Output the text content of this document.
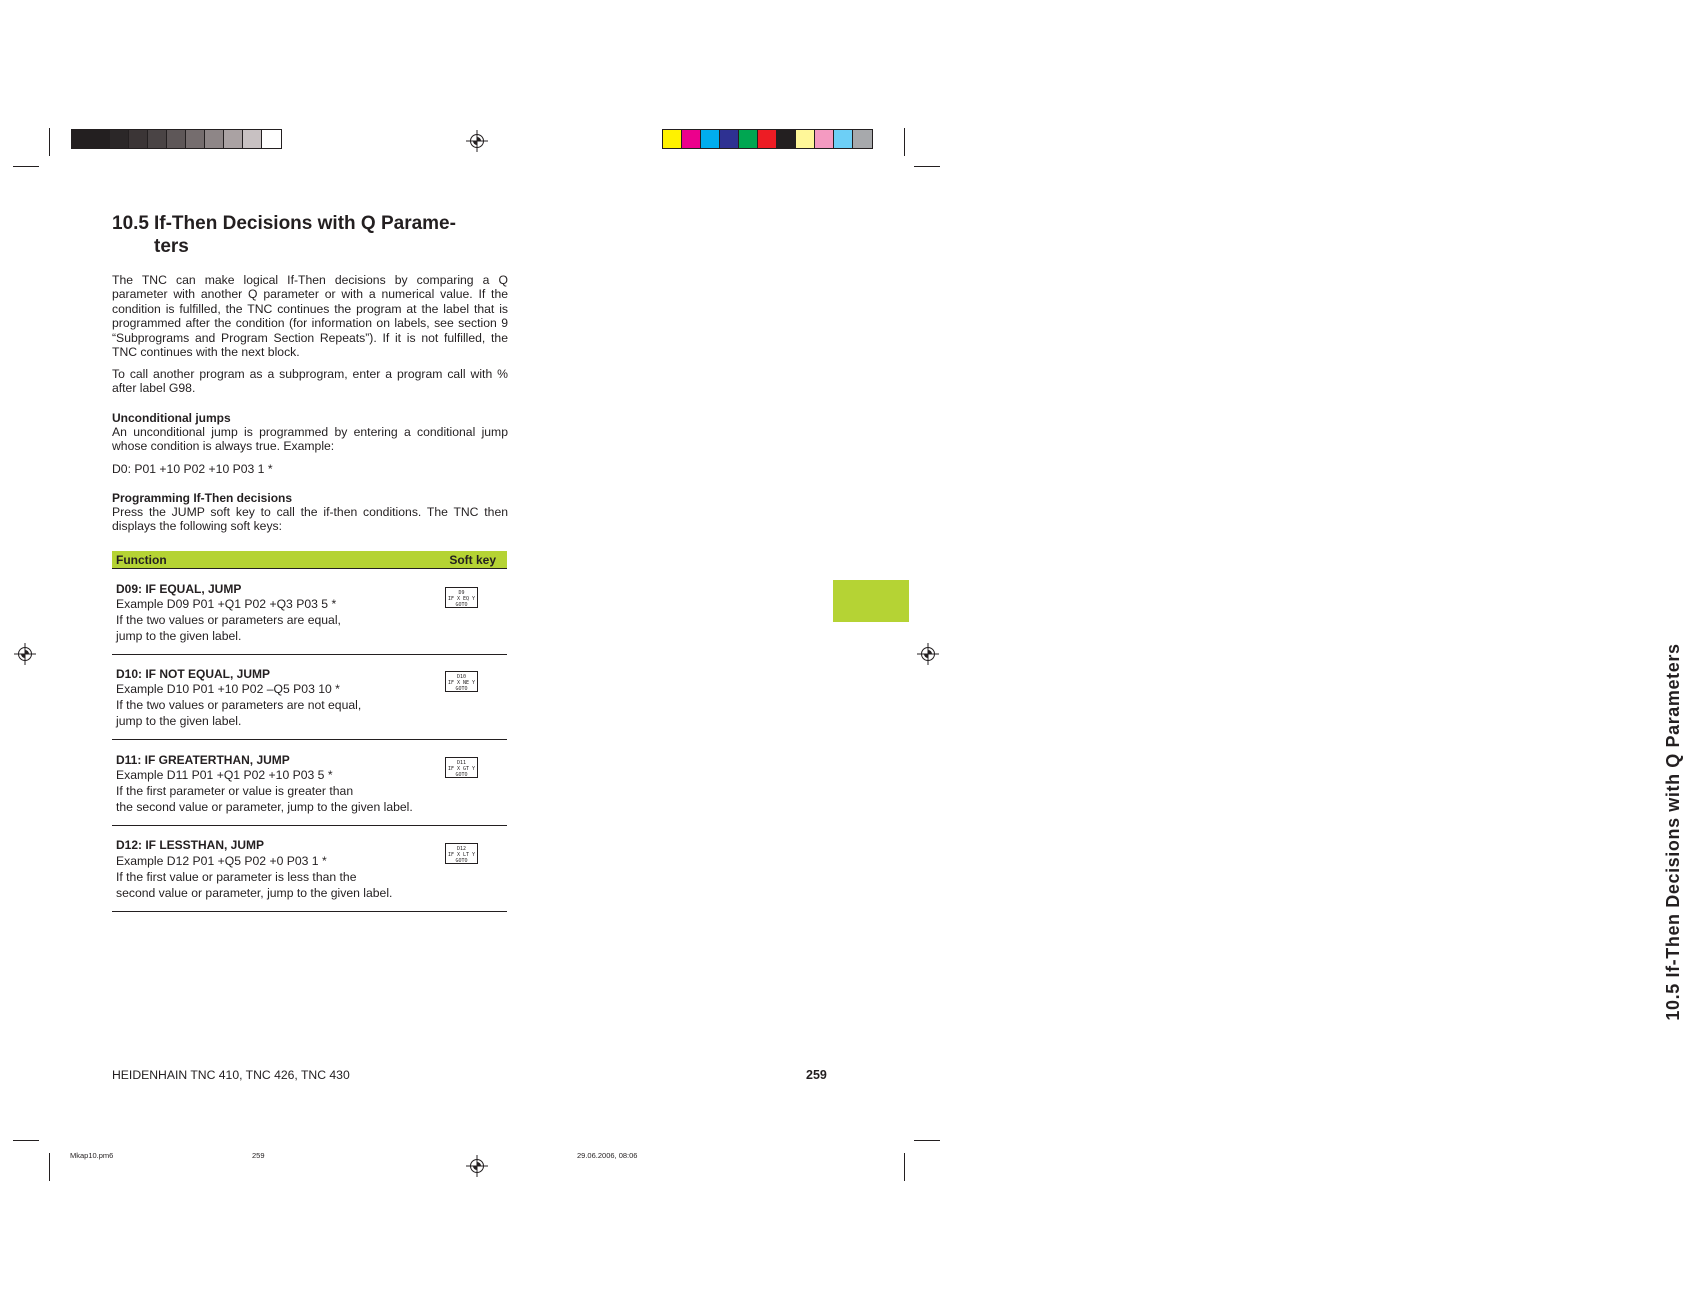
10.5 If-Then Decisions with Q Parameters
10.5 If-Then Decisions with Q Parame-
ters

The TNC can make logical If-Then decisions by comparing a Q parameter with another Q parameter or with a numerical value. If the condition is fulfilled, the TNC continues the program at the label that is programmed after the condition (for information on labels, see section 9 “Subprograms and Program Section Repeats”). If it is not fulfilled, the TNC continues with the next block.

To call another program as a subprogram, enter a program call with % after label G98.

Unconditional jumps

An unconditional jump is programmed by entering a conditional jump whose condition is always true. Example:

D0: P01 +10 P02 +10 P03 1 *

Programming If-Then decisions

Press the JUMP soft key to call the if-then conditions. The TNC then displays the following soft keys:

Function	Soft key
D09: IF EQUAL, JUMP
Example D09 P01 +Q1 P02 +Q3 P03 5 *
If the two values or parameters are equal,
jump to the given label.
D9
IF X EQ Y
GOTO
D10: IF NOT EQUAL, JUMP
Example D10 P01 +10 P02 –Q5 P03 10 *
If the two values or parameters are not equal,
jump to the given label.
D10
IF X NE Y
GOTO
D11: IF GREATERTHAN, JUMP
Example D11 P01 +Q1 P02 +10 P03 5 *
If the first parameter or value is greater than
the second value or parameter, jump to the given label.
D11
IF X GT Y
GOTO
D12: IF LESSTHAN, JUMP
Example D12 P01 +Q5 P02 +0 P03 1 *
If the first value or parameter is less than the
second value or parameter, jump to the given label.
D12
IF X LT Y
GOTO
HEIDENHAIN TNC 410, TNC 426, TNC 430	259
Mkap10.pm6	259	29.06.2006, 08:06
